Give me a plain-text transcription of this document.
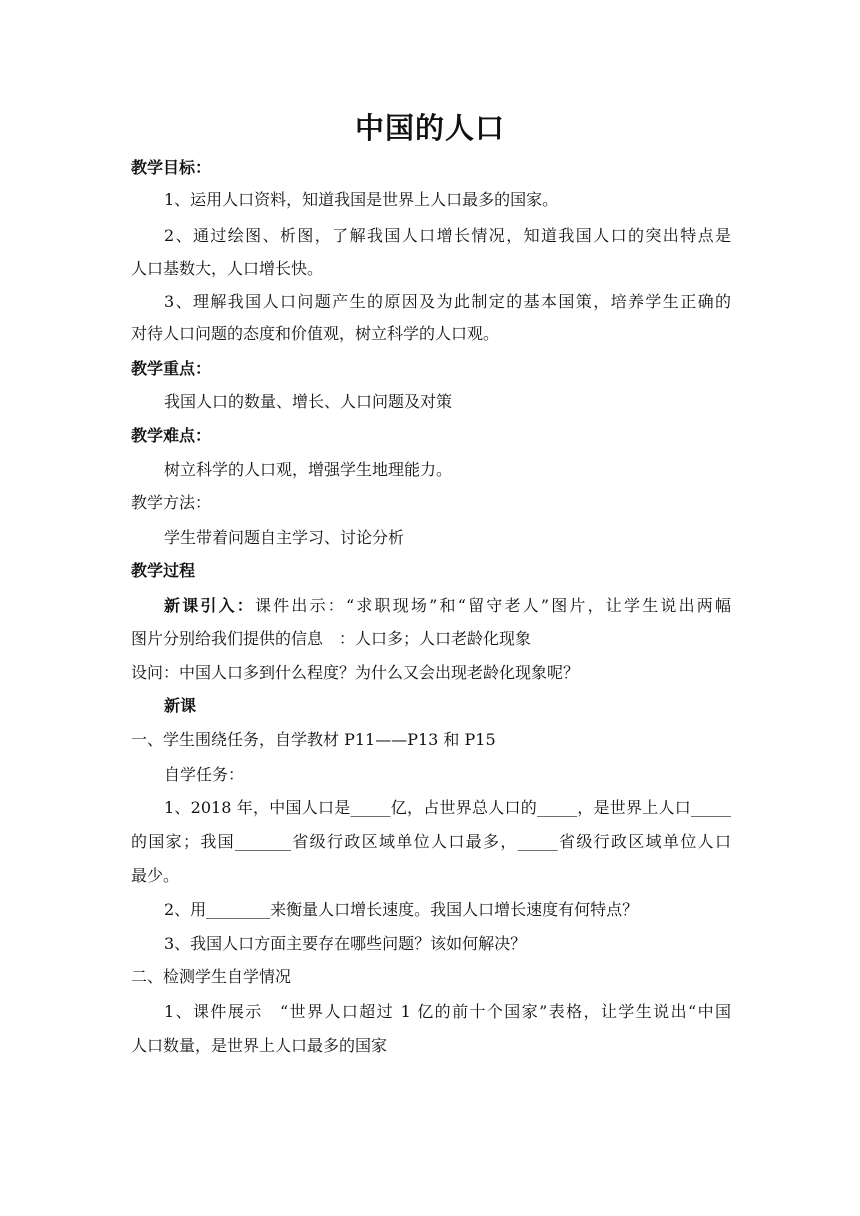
中国的人口
教学目标：
1、运用人口资料，知道我国是世界上人口最多的国家。
2、通过绘图、析图，了解我国人口增长情况，知道我国人口的突出特点是
人口基数大，人口增长快。
3、理解我国人口问题产生的原因及为此制定的基本国策，培养学生正确的
对待人口问题的态度和价值观，树立科学的人口观。
教学重点：
我国人口的数量、增长、人口问题及对策
教学难点：
树立科学的人口观，增强学生地理能力。
教学方法：
学生带着问题自主学习、讨论分析
教学过程
新课引入：课件出示：“求职现场”和“留守老人”图片，让学生说出两幅
图片分别给我们提供的信息　：人口多；人口老龄化现象
设问：中国人口多到什么程度？为什么又会出现老龄化现象呢？
新课
一、学生围绕任务，自学教材 P11——P13 和 P15
自学任务：
1、2018 年，中国人口是_____亿，占世界总人口的_____，是世界上人口_____
的国家；我国_______省级行政区域单位人口最多，_____省级行政区域单位人口
最少。
2、用________来衡量人口增长速度。我国人口增长速度有何特点？
3、我国人口方面主要存在哪些问题？该如何解决？
二、检测学生自学情况
1、课件展示　“世界人口超过 1 亿的前十个国家”表格，让学生说出“中国
人口数量，是世界上人口最多的国家
